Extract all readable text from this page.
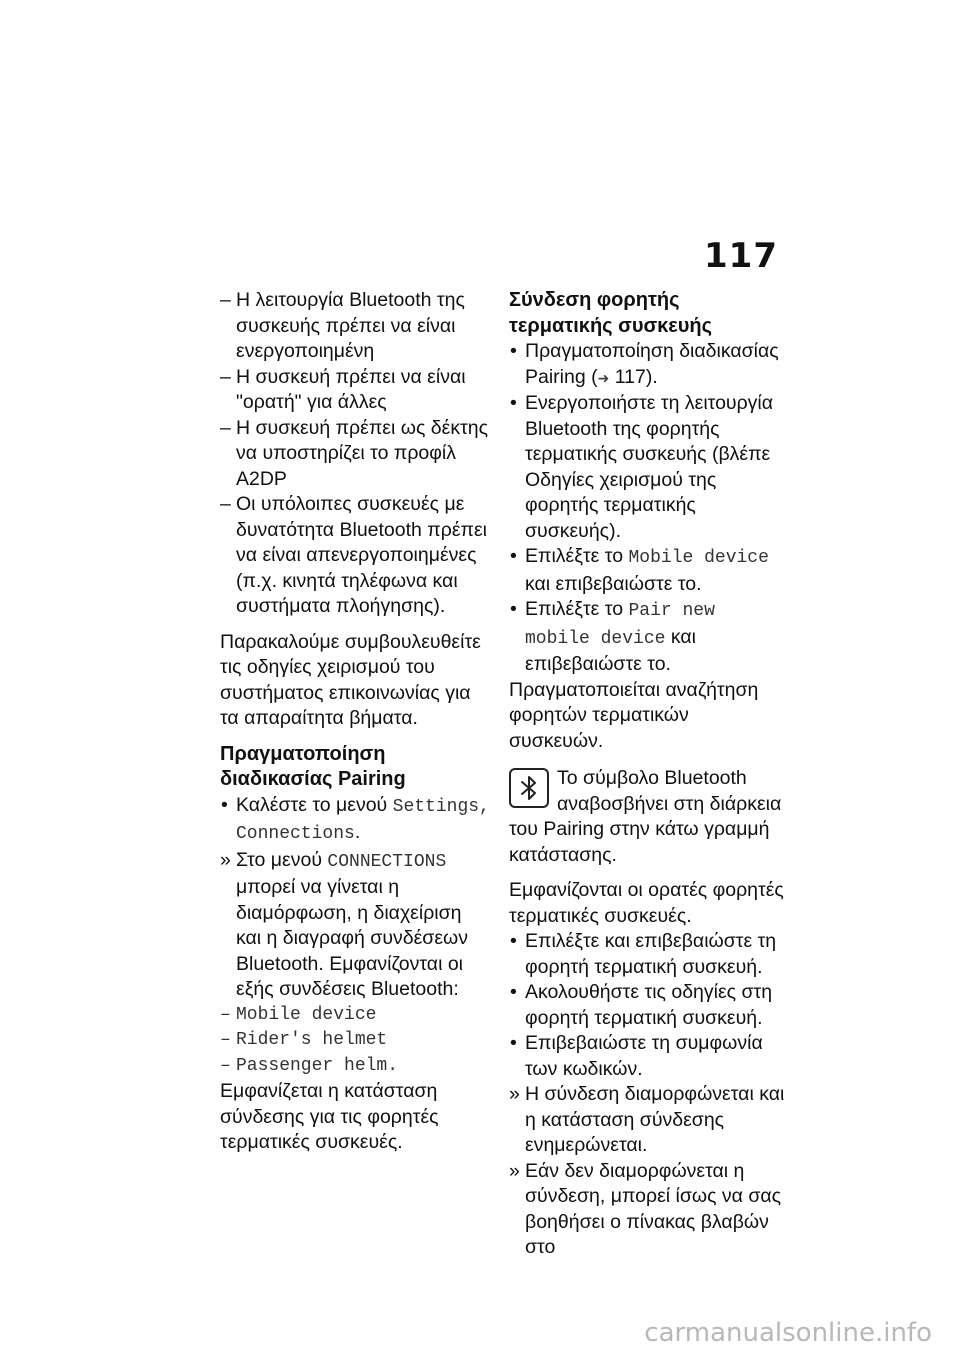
117
– Η λειτουργία Bluetooth της συσκευής πρέπει να είναι ενεργοποιημένη
– Η συσκευή πρέπει να είναι "ορατή" για άλλες
– Η συσκευή πρέπει ως δέκτης να υποστηρίζει το προφίλ A2DP
– Οι υπόλοιπες συσκευές με δυνατότητα Bluetooth πρέπει να είναι απενεργοποιημένες (π.χ. κινητά τηλέφωνα και συστήματα πλοήγησης).
Παρακαλούμε συμβουλευθείτε τις οδηγίες χειρισμού του συστήματος επικοινωνίας για τα απαραίτητα βήματα.
Πραγματοποίηση διαδικασίας Pairing
• Καλέστε το μενού Settings, Connections.
» Στο μενού CONNECTIONS μπορεί να γίνεται η διαμόρφωση, η διαχείριση και η διαγραφή συνδέσεων Bluetooth. Εμφανίζονται οι εξής συνδέσεις Bluetooth:
– Mobile device
– Rider's helmet
– Passenger helm.
Εμφανίζεται η κατάσταση σύνδεσης για τις φορητές τερματικές συσκευές.
Σύνδεση φορητής τερματικής συσκευής
• Πραγματοποίηση διαδικασίας Pairing (➜ 117).
• Ενεργοποιήστε τη λειτουργία Bluetooth της φορητής τερματικής συσκευής (βλέπε Οδηγίες χειρισμού της φορητής τερματικής συσκευής).
• Επιλέξτε το Mobile device και επιβεβαιώστε το.
• Επιλέξτε το Pair new mobile device και επιβεβαιώστε το.
Πραγματοποιείται αναζήτηση φορητών τερματικών συσκευών.
Το σύμβολο Bluetooth αναβοσβήνει στη διάρκεια του Pairing στην κάτω γραμμή κατάστασης.
Εμφανίζονται οι ορατές φορητές τερματικές συσκευές.
• Επιλέξτε και επιβεβαιώστε τη φορητή τερματική συσκευή.
• Ακολουθήστε τις οδηγίες στη φορητή τερματική συσκευή.
• Επιβεβαιώστε τη συμφωνία των κωδικών.
» Η σύνδεση διαμορφώνεται και η κατάσταση σύνδεσης ενημερώνεται.
» Εάν δεν διαμορφώνεται η σύνδεση, μπορεί ίσως να σας βοηθήσει ο πίνακας βλαβών στο
carmanualsonline.info
